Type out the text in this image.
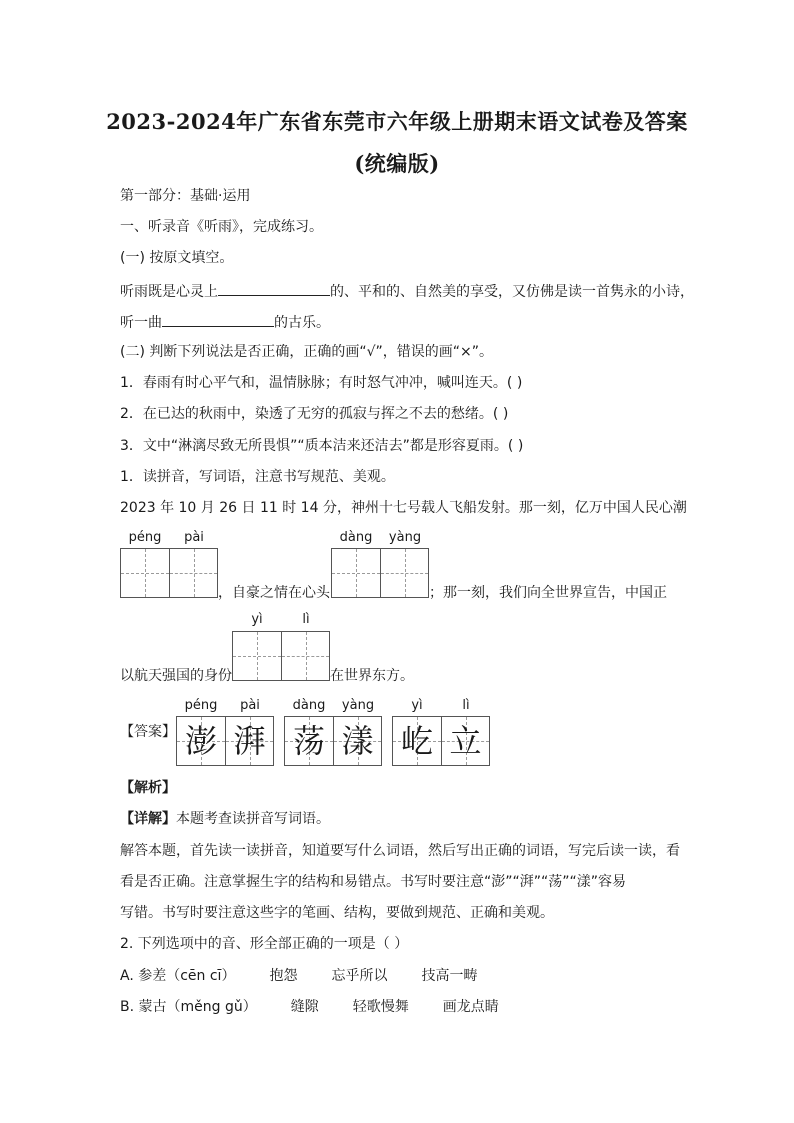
2023-2024年广东省东莞市六年级上册期末语文试卷及答案
(统编版)
第一部分：基础·运用
一、听录音《听雨》，完成练习。
(一) 按原文填空。
听雨既是心灵上	的、平和的、自然美的享受，又仿佛是读一首隽永的小诗，
听一曲	的古乐。
(二) 判断下列说法是否正确，正确的画“√”，错误的画“×”。
1．春雨有时心平气和，温情脉脉；有时怒气冲冲，喊叫连天。( )
2．在已达的秋雨中，染透了无穷的孤寂与挥之不去的愁绪。( )
3．文中“淋漓尽致无所畏惧”“质本洁来还洁去”都是形容夏雨。( )
1．读拼音，写词语，注意书写规范、美观。
2023 年 10 月 26 日 11 时 14 分，神州十七号载人飞船发射。那一刻，亿万中国人民心潮
péng	pài	dàng	yàng
，自豪之情在心头	；那一刻，我们向全世界宣告，中国正
yì	lì
以航天强国的身份	在世界东方。
péng	pài	dàng	yàng	yì	lì
【答案】 澎 湃 荡 漾 屹 立
【解析】
【详解】本题考查读拼音写词语。
解答本题，首先读一读拼音，知道要写什么词语，然后写出正确的词语，写完后读一读，看
看是否正确。注意掌握生字的结构和易错点。书写时要注意“澎”“湃”“荡”“漾”容易
写错。书写时要注意这些字的笔画、结构，要做到规范、正确和美观。
2. 下列选项中的音、形全部正确的一项是（ ）
A. 参差（cēn cī） 抱怨 忘乎所以 技高一畴
B. 蒙古（měng gǔ） 缝隙 轻歌慢舞 画龙点睛
